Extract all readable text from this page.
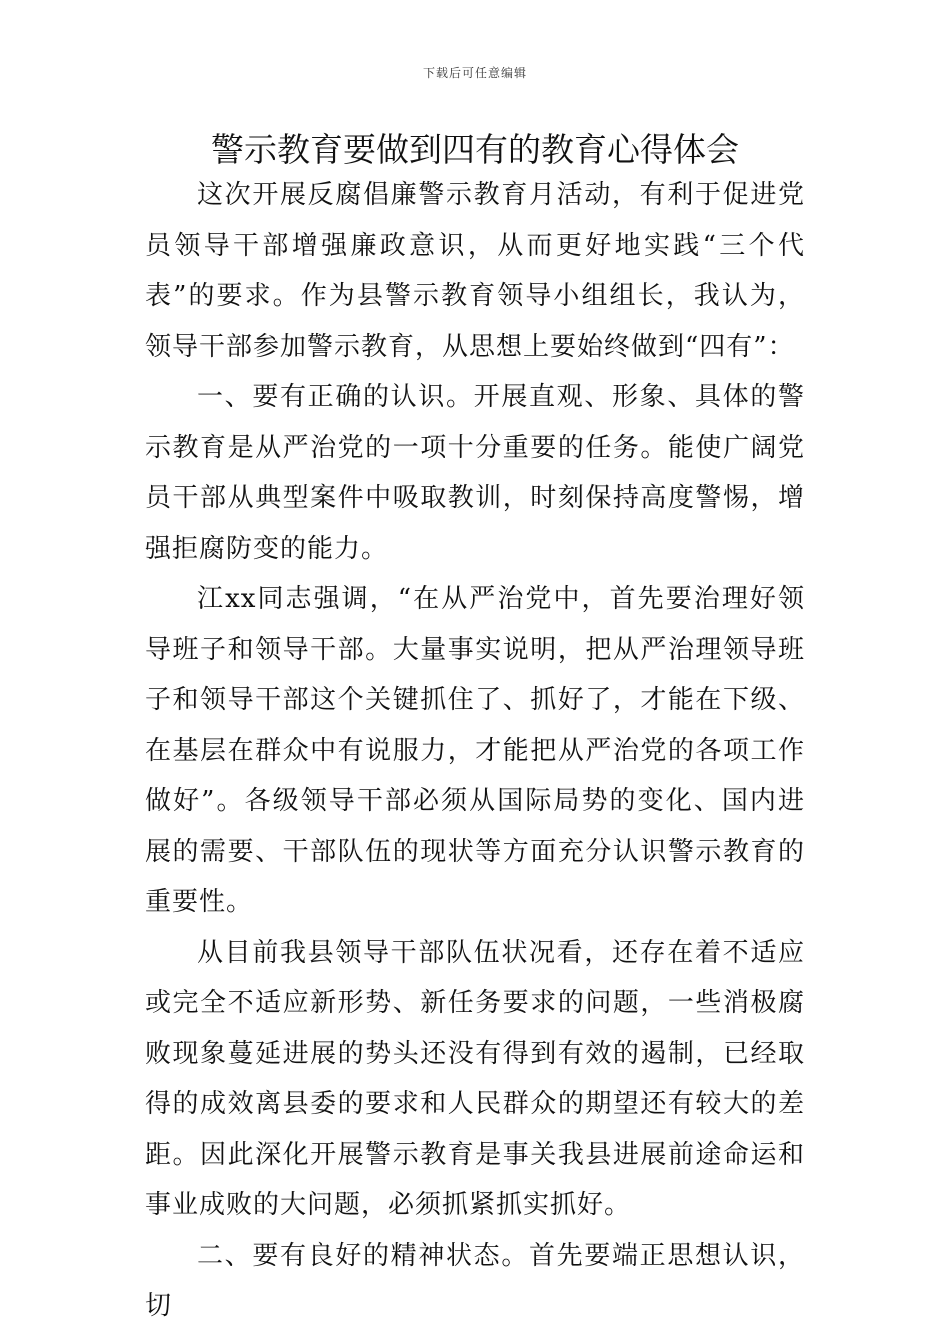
下载后可任意编辑
警示教育要做到四有的教育心得体会

这次开展反腐倡廉警示教育月活动，有利于促进党员领导干部增强廉政意识，从而更好地实践“三个代表”的要求。作为县警示教育领导小组组长，我认为，领导干部参加警示教育，从思想上要始终做到“四有”：

一、要有正确的认识。开展直观、形象、具体的警示教育是从严治党的一项十分重要的任务。能使广阔党员干部从典型案件中吸取教训，时刻保持高度警惕，增强拒腐防变的能力。

江xx同志强调，“在从严治党中，首先要治理好领导班子和领导干部。大量事实说明，把从严治理领导班子和领导干部这个关键抓住了、抓好了，才能在下级、在基层在群众中有说服力，才能把从严治党的各项工作做好”。各级领导干部必须从国际局势的变化、国内进展的需要、干部队伍的现状等方面充分认识警示教育的重要性。

从目前我县领导干部队伍状况看，还存在着不适应或完全不适应新形势、新任务要求的问题，一些消极腐败现象蔓延进展的势头还没有得到有效的遏制，已经取得的成效离县委的要求和人民群众的期望还有较大的差距。因此深化开展警示教育是事关我县进展前途命运和事业成败的大问题，必须抓紧抓实抓好。

二、要有良好的精神状态。首先要端正思想认识，切
